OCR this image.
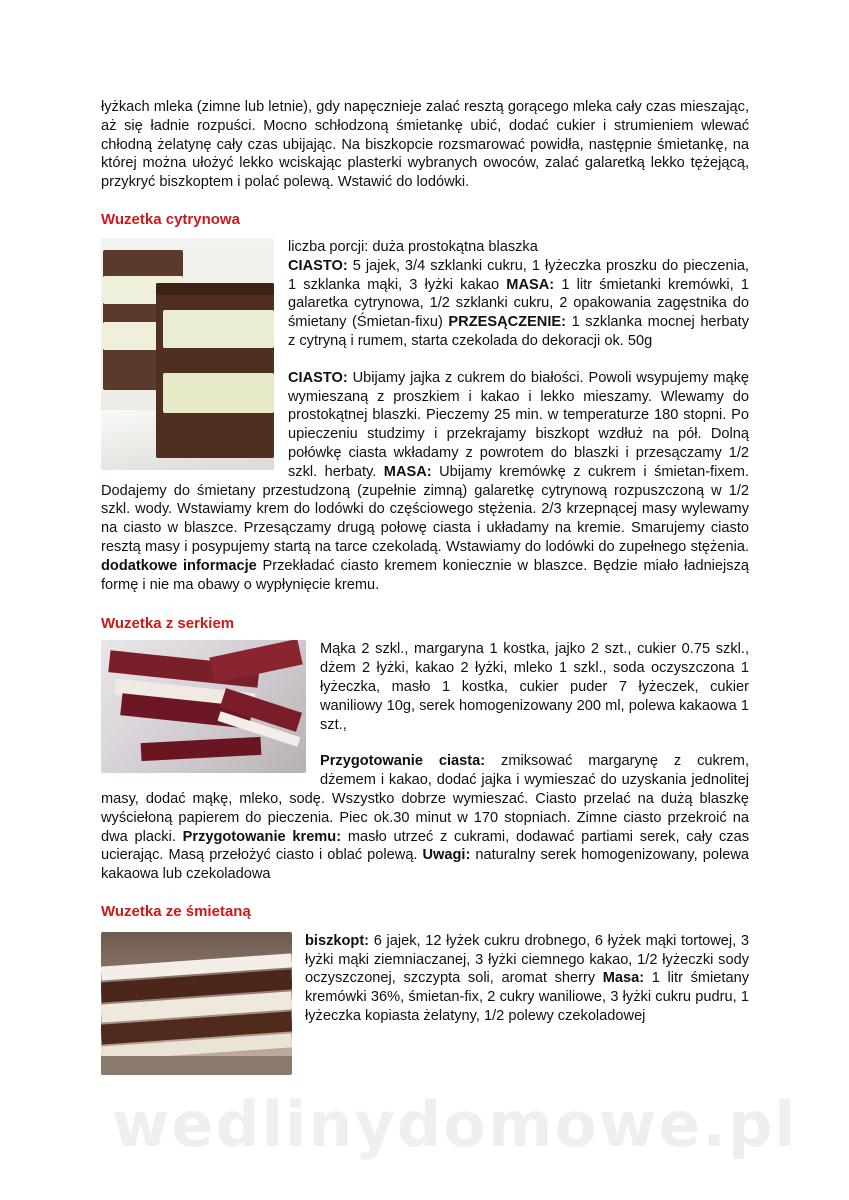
łyżkach mleka (zimne lub letnie), gdy napęcznieje zalać resztą gorącego mleka cały czas mieszając, aż się ładnie rozpuści. Mocno schłodzoną śmietankę ubić, dodać cukier i strumieniem wlewać chłodną żelatynę cały czas ubijając. Na biszkopcie rozsmarować powidła, następnie śmietankę, na której można ułożyć lekko wciskając plasterki wybranych owoców, zalać galaretką lekko tężejącą, przykryć biszkoptem i polać polewą. Wstawić do lodówki.

Wuzetka cytrynowa

liczba porcji: duża prostokątna blaszka

CIASTO: 5 jajek, 3/4 szklanki cukru, 1 łyżeczka proszku do pieczenia, 1 szklanka mąki, 3 łyżki kakao MASA: 1 litr śmietanki kremówki, 1 galaretka cytrynowa, 1/2 szklanki cukru, 2 opakowania zagęstnika do śmietany (Śmietan-fixu) PRZESĄCZENIE: 1 szklanka mocnej herbaty z cytryną i rumem, starta czekolada do dekoracji ok. 50g

CIASTO: Ubijamy jajka z cukrem do białości. Powoli wsypujemy mąkę wymieszaną z proszkiem i kakao i lekko mieszamy. Wlewamy do prostokątnej blaszki. Pieczemy 25 min. w temperaturze 180 stopni. Po upieczeniu studzimy i przekrajamy biszkopt wzdłuż na pół. Dolną połówkę ciasta wkładamy z powrotem do blaszki i przesączamy 1/2 szkl. herbaty. MASA: Ubijamy kremówkę z cukrem i śmietan-fixem. Dodajemy do śmietany przestudzoną (zupełnie zimną) galaretkę cytrynową rozpuszczoną w 1/2 szkl. wody. Wstawiamy krem do lodówki do częściowego stężenia. 2/3 krzepnącej masy wylewamy na ciasto w blaszce. Przesączamy drugą połowę ciasta i układamy na kremie. Smarujemy ciasto resztą masy i posypujemy startą na tarce czekoladą. Wstawiamy do lodówki do zupełnego stężenia. dodatkowe informacje Przekładać ciasto kremem koniecznie w blaszce. Będzie miało ładniejszą formę i nie ma obawy o wypłynięcie kremu.

Wuzetka z serkiem

Mąka 2 szkl., margaryna 1 kostka, jajko 2 szt., cukier 0.75 szkl., dżem 2 łyżki, kakao 2 łyżki, mleko 1 szkl., soda oczyszczona 1 łyżeczka, masło 1 kostka, cukier puder 7 łyżeczek, cukier waniliowy 10g, serek homogenizowany 200 ml, polewa kakaowa 1 szt.,

Przygotowanie ciasta: zmiksować margarynę z cukrem, dżemem i kakao, dodać jajka i wymieszać do uzyskania jednolitej masy, dodać mąkę, mleko, sodę. Wszystko dobrze wymieszać. Ciasto przelać na dużą blaszkę wyściełoną papierem do pieczenia. Piec ok.30 minut w 170 stopniach. Zimne ciasto przekroić na dwa placki. Przygotowanie kremu: masło utrzeć z cukrami, dodawać partiami serek, cały czas ucierając. Masą przełożyć ciasto i oblać polewą. Uwagi: naturalny serek homogenizowany, polewa kakaowa lub czekoladowa

Wuzetka ze śmietaną

biszkopt: 6 jajek, 12 łyżek cukru drobnego, 6 łyżek mąki tortowej, 3 łyżki mąki ziemniaczanej, 3 łyżki ciemnego kakao, 1/2 łyżeczki sody oczyszczonej, szczypta soli, aromat sherry Masa: 1 litr śmietany kremówki 36%, śmietan-fix, 2 cukry waniliowe, 3 łyżki cukru pudru, 1 łyżeczka kopiasta żelatyny, 1/2 polewy czekoladowej

wedlinydomowe.pl
